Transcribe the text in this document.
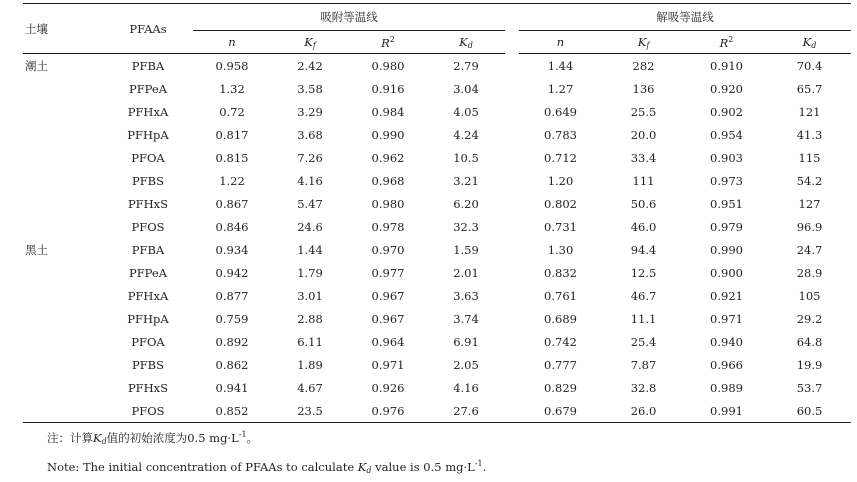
土壤	PFAAs	吸附等温线					解吸等温线			
		n	$K_f$	$R^2$	$K_d$		n	$K_f$	$R^2$	$K_d$
潮土	PFBA	0.958	2.42	0.980	2.79		1.44	282	0.910	70.4
	PFPeA	1.32	3.58	0.916	3.04		1.27	136	0.920	65.7
	PFHxA	0.72	3.29	0.984	4.05		0.649	25.5	0.902	121
	PFHpA	0.817	3.68	0.990	4.24		0.783	20.0	0.954	41.3
	PFOA	0.815	7.26	0.962	10.5		0.712	33.4	0.903	115
	PFBS	1.22	4.16	0.968	3.21		1.20	111	0.973	54.2
	PFHxS	0.867	5.47	0.980	6.20		0.802	50.6	0.951	127
	PFOS	0.846	24.6	0.978	32.3		0.731	46.0	0.979	96.9
黑土	PFBA	0.934	1.44	0.970	1.59		1.30	94.4	0.990	24.7
	PFPeA	0.942	1.79	0.977	2.01		0.832	12.5	0.900	28.9
	PFHxA	0.877	3.01	0.967	3.63		0.761	46.7	0.921	105
	PFHpA	0.759	2.88	0.967	3.74		0.689	11.1	0.971	29.2
	PFOA	0.892	6.11	0.964	6.91		0.742	25.4	0.940	64.8
	PFBS	0.862	1.89	0.971	2.05		0.777	7.87	0.966	19.9
	PFHxS	0.941	4.67	0.926	4.16		0.829	32.8	0.989	53.7
	PFOS	0.852	23.5	0.976	27.6		0.679	26.0	0.991	60.5
注：计算$K_d$值的初始浓度为0.5 $mg\cdot L^{-1}$。
Note: The initial concentration of PFAAs to calculate $K_d$ value is 0.5 $mg\cdot L^{-1}$.
